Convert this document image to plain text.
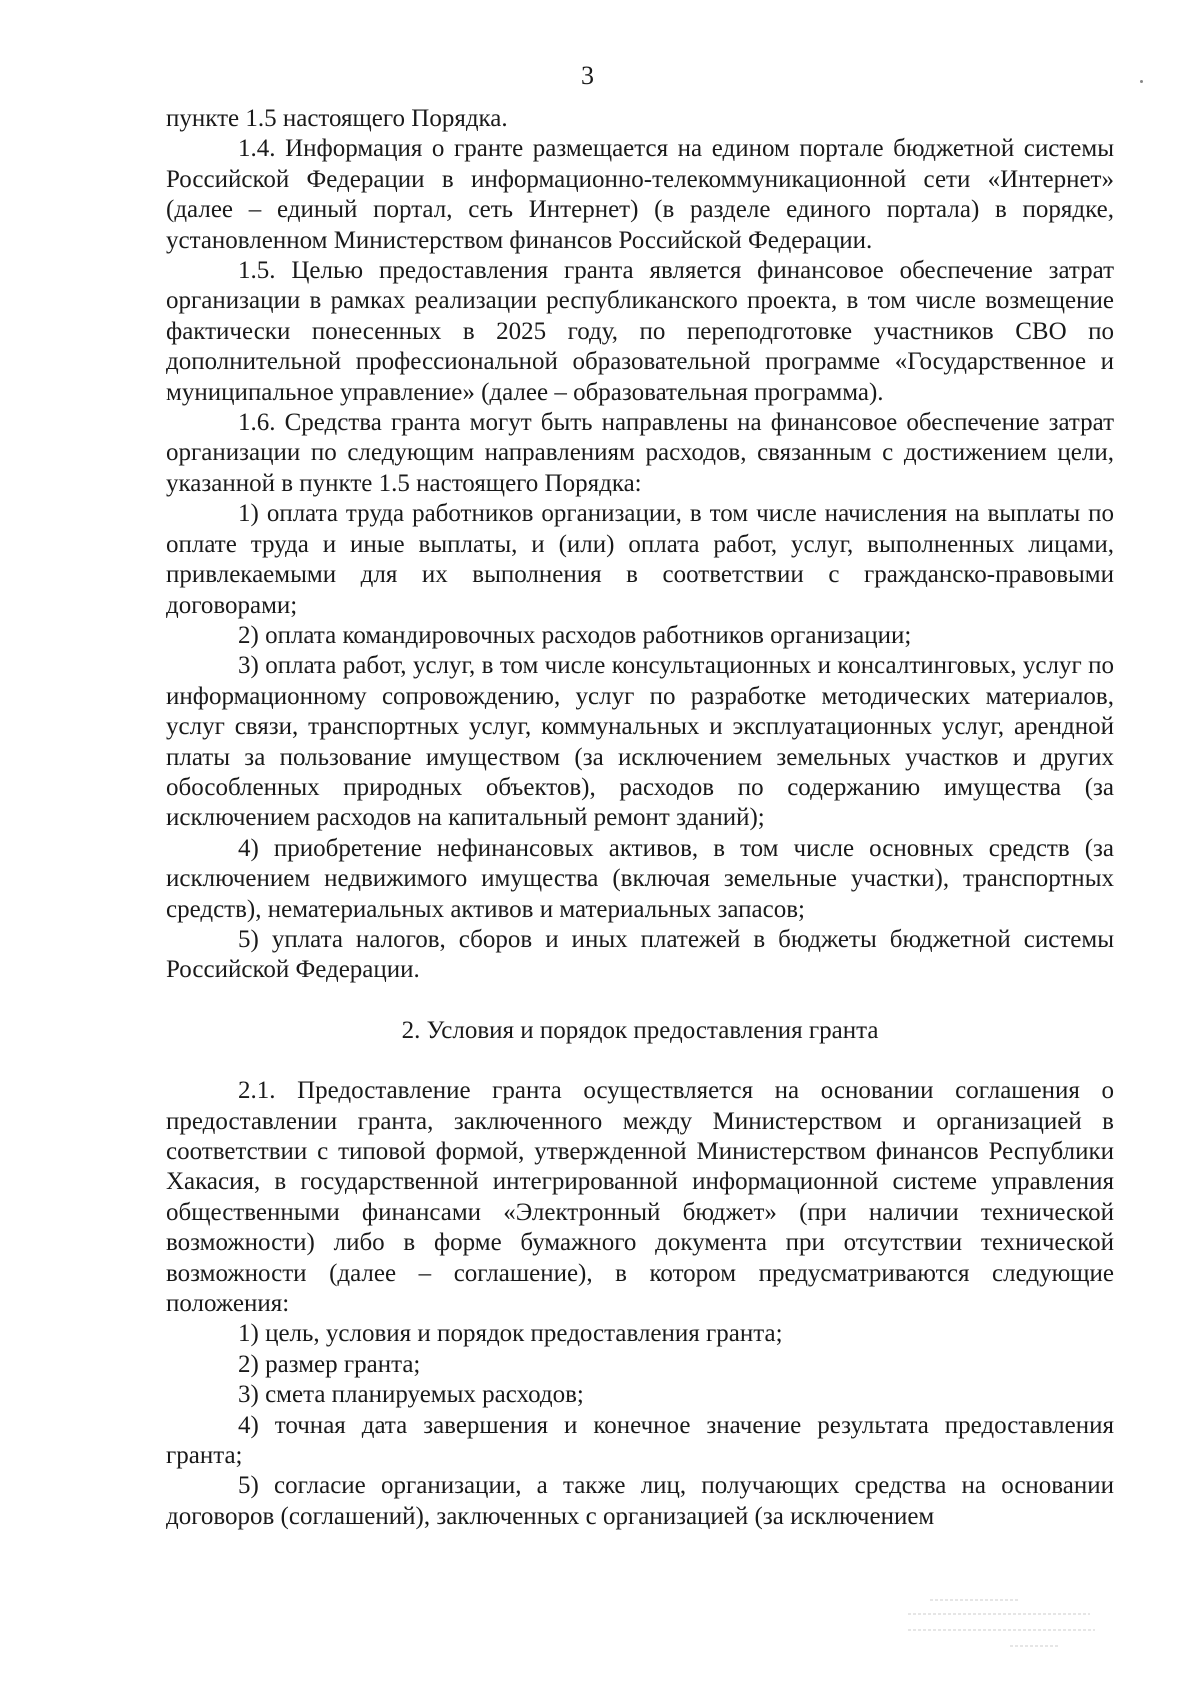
3

пункте 1.5 настоящего Порядка.

1.4. Информация о гранте размещается на едином портале бюджетной системы Российской Федерации в информационно-телекоммуникационной сети «Интернет» (далее – единый портал, сеть Интернет) (в разделе единого портала) в порядке, установленном Министерством финансов Российской Федерации.

1.5. Целью предоставления гранта является финансовое обеспечение затрат организации в рамках реализации республиканского проекта, в том числе возмещение фактически понесенных в 2025 году, по переподготовке участников СВО по дополнительной профессиональной образовательной программе «Государственное и муниципальное управление» (далее – образовательная программа).

1.6. Средства гранта могут быть направлены на финансовое обеспечение затрат организации по следующим направлениям расходов, связанным с достижением цели, указанной в пункте 1.5 настоящего Порядка:

1) оплата труда работников организации, в том числе начисления на выплаты по оплате труда и иные выплаты, и (или) оплата работ, услуг, выполненных лицами, привлекаемыми для их выполнения в соответствии с гражданско-правовыми договорами;

2) оплата командировочных расходов работников организации;

3) оплата работ, услуг, в том числе консультационных и консалтинговых, услуг по информационному сопровождению, услуг по разработке методических материалов, услуг связи, транспортных услуг, коммунальных и эксплуатационных услуг, арендной платы за пользование имуществом (за исключением земельных участков и других обособленных природных объектов), расходов по содержанию имущества (за исключением расходов на капитальный ремонт зданий);

4) приобретение нефинансовых активов, в том числе основных средств (за исключением недвижимого имущества (включая земельные участки), транспортных средств), нематериальных активов и материальных запасов;

5) уплата налогов, сборов и иных платежей в бюджеты бюджетной системы Российской Федерации.

2. Условия и порядок предоставления гранта

2.1. Предоставление гранта осуществляется на основании соглашения о предоставлении гранта, заключенного между Министерством и организацией в соответствии с типовой формой, утвержденной Министерством финансов Республики Хакасия, в государственной интегрированной информационной системе управления общественными финансами «Электронный бюджет» (при наличии технической возможности) либо в форме бумажного документа при отсутствии технической возможности (далее – соглашение), в котором предусматриваются следующие положения:

1) цель, условия и порядок предоставления гранта;

2) размер гранта;

3) смета планируемых расходов;

4) точная дата завершения и конечное значение результата предоставления гранта;

5) согласие организации, а также лиц, получающих средства на основании договоров (соглашений), заключенных с организацией (за исключением
